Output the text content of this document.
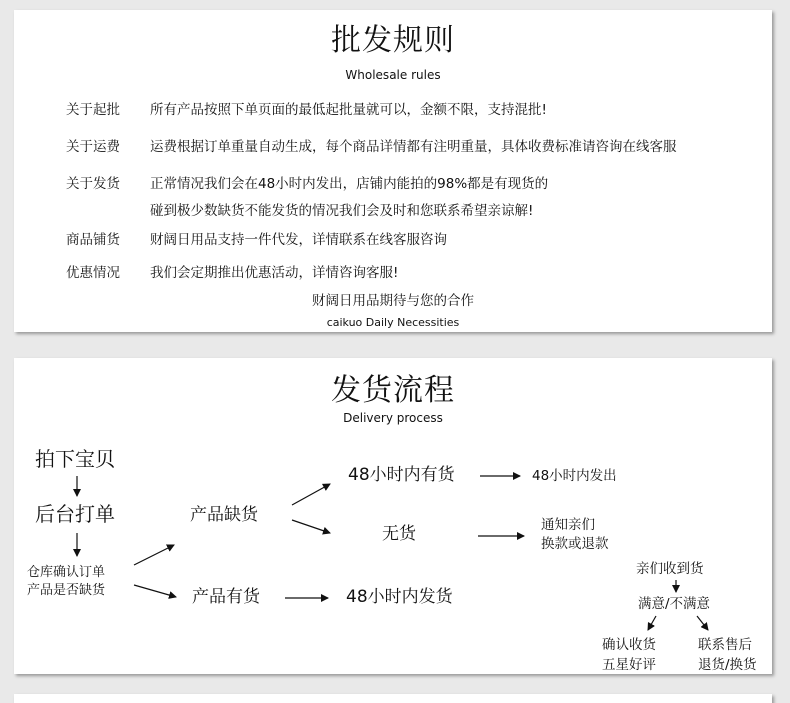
批发规则
Wholesale rules
关于起批 所有产品按照下单页面的最低起批量就可以，金额不限，支持混批!
关于运费 运费根据订单重量自动生成，每个商品详情都有注明重量，具体收费标准请咨询在线客服
关于发货 正常情况我们会在48小时内发出，店铺内能拍的98%都是有现货的
碰到极少数缺货不能发货的情况我们会及时和您联系希望亲谅解!
商品铺货 财阔日用品支持一件代发，详情联系在线客服咨询
优惠情况 我们会定期推出优惠活动，详情咨询客服!
财阔日用品期待与您的合作
caikuo Daily Necessities
发货流程
Delivery process
拍下宝贝
后台打单
仓库确认订单
产品是否缺货
产品缺货
产品有货
48小时内有货	48小时内发出
无货	通知亲们
换款或退款
48小时内发货
亲们收到货
满意/不满意
确认收货
五星好评
联系售后
退货/换货
